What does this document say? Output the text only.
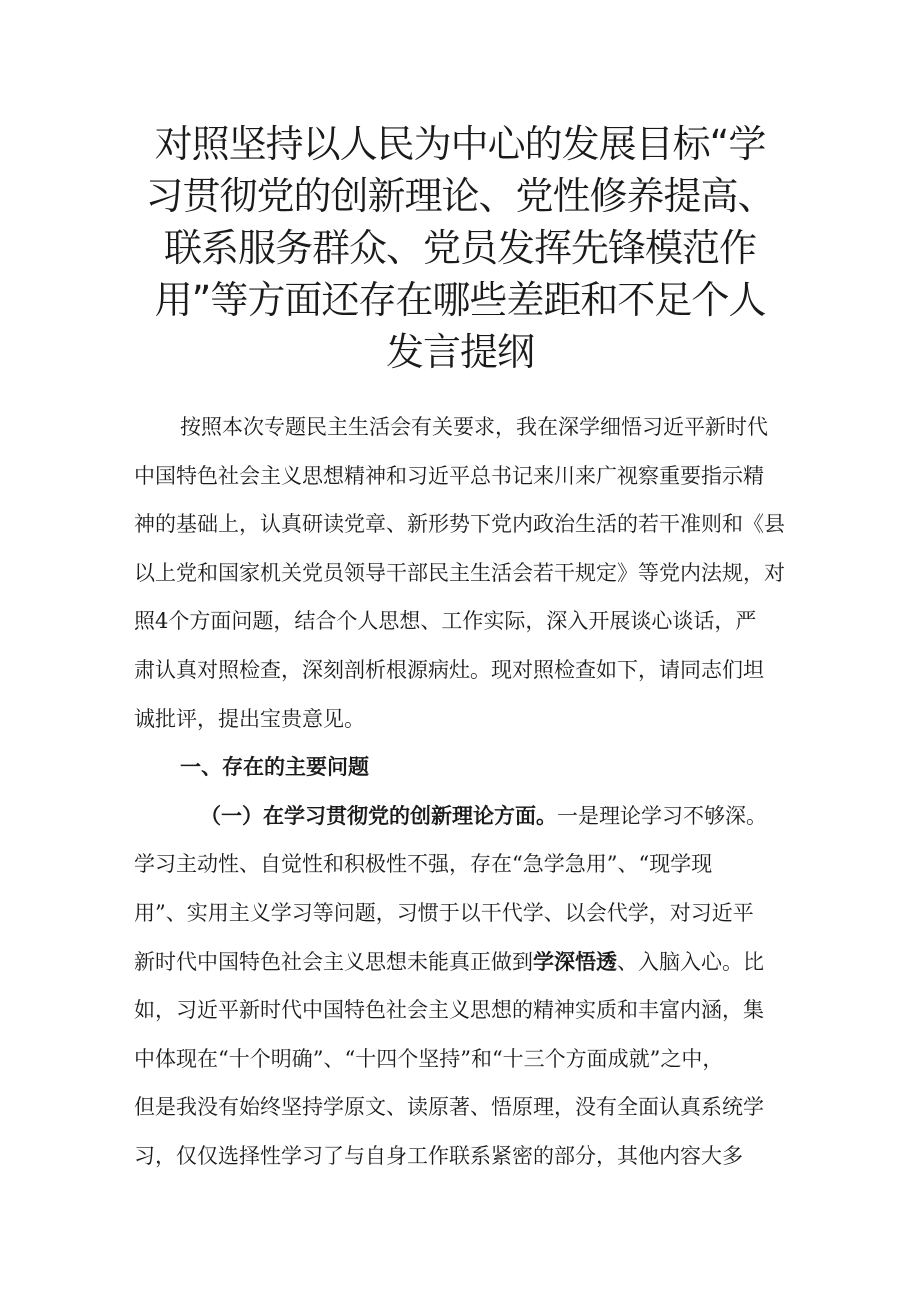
对照坚持以人民为中心的发展目标“学
习贯彻党的创新理论、党性修养提高、
联系服务群众、党员发挥先锋模范作
用”等方面还存在哪些差距和不足个人
发言提纲
按照本次专题民主生活会有关要求，我在深学细悟习近平新时代
中国特色社会主义思想精神和习近平总书记来川来广视察重要指示精
神的基础上，认真研读党章、新形势下党内政治生活的若干准则和《县
以上党和国家机关党员领导干部民主生活会若干规定》等党内法规，对
照4个方面问题，结合个人思想、工作实际，深入开展谈心谈话，严
肃认真对照检查，深刻剖析根源病灶。现对照检查如下，请同志们坦
诚批评，提出宝贵意见。
一、存在的主要问题
（一）在学习贯彻党的创新理论方面。一是理论学习不够深。
学习主动性、自觉性和积极性不强，存在“急学急用”、“现学现
用”、实用主义学习等问题，习惯于以干代学、以会代学，对习近平
新时代中国特色社会主义思想未能真正做到学深悟透、入脑入心。比
如，习近平新时代中国特色社会主义思想的精神实质和丰富内涵，集
中体现在“十个明确”、“十四个坚持”和“十三个方面成就”之中，
但是我没有始终坚持学原文、读原著、悟原理，没有全面认真系统学
习，仅仅选择性学习了与自身工作联系紧密的部分，其他内容大多
